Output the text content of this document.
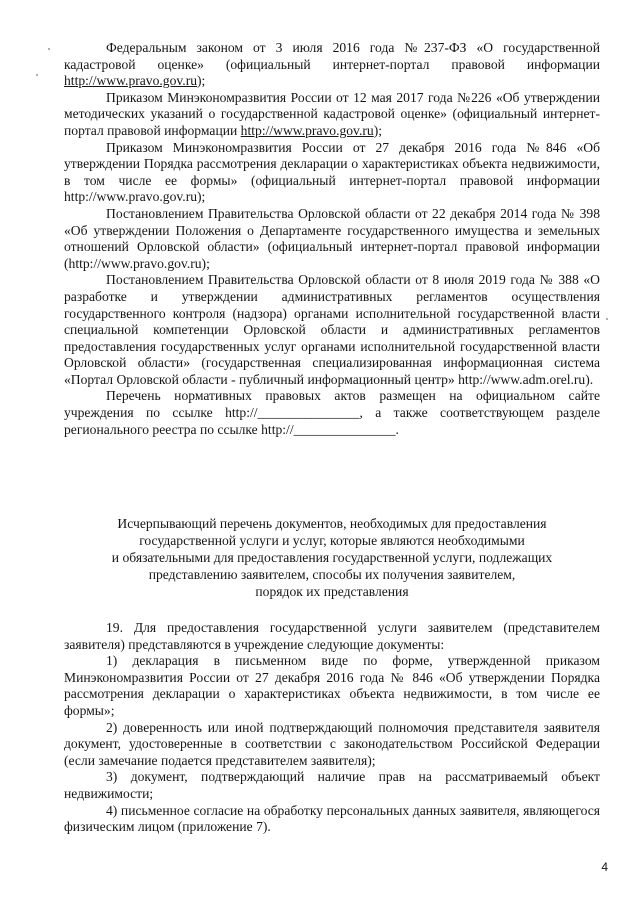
Федеральным законом от 3 июля 2016 года №237-ФЗ «О государственной кадастровой оценке» (официальный интернет-портал правовой информации http://www.pravo.gov.ru);

Приказом Минэкономразвития России от 12 мая 2017 года №226 «Об утверждении методических указаний о государственной кадастровой оценке» (официальный интернет-портал правовой информации http://www.pravo.gov.ru);

Приказом Минэкономразвития России от 27 декабря 2016 года №846 «Об утверждении Порядка рассмотрения декларации о характеристиках объекта недвижимости, в том числе ее формы» (официальный интернет-портал правовой информации http://www.pravo.gov.ru);

Постановлением Правительства Орловской области от 22 декабря 2014 года № 398 «Об утверждении Положения о Департаменте государственного имущества и земельных отношений Орловской области» (официальный интернет-портал правовой информации (http://www.pravo.gov.ru);

Постановлением Правительства Орловской области от 8 июля 2019 года № 388 «О разработке и утверждении административных регламентов осуществления государственного контроля (надзора) органами исполнительной государственной власти специальной компетенции Орловской области и административных регламентов предоставления государственных услуг органами исполнительной государственной власти Орловской области» (государственная специализированная информационная система «Портал Орловской области - публичный информационный центр» http://www.adm.orel.ru).

Перечень нормативных правовых актов размещен на официальном сайте учреждения по ссылке http://_______________, а также соответствующем разделе регионального реестра по ссылке http://_______________.

Исчерпывающий перечень документов, необходимых для предоставления
государственной услуги и услуг, которые являются необходимыми
и обязательными для предоставления государственной услуги, подлежащих
представлению заявителем, способы их получения заявителем,
порядок их представления

19. Для предоставления государственной услуги заявителем (представителем заявителя) представляются в учреждение следующие документы:

1) декларация в письменном виде по форме, утвержденной приказом Минэкономразвития России от 27 декабря 2016 года № 846 «Об утверждении Порядка рассмотрения декларации о характеристиках объекта недвижимости, в том числе ее формы»;

2) доверенность или иной подтверждающий полномочия представителя заявителя документ, удостоверенные в соответствии с законодательством Российской Федерации (если замечание подается представителем заявителя);

3) документ, подтверждающий наличие прав на рассматриваемый объект недвижимости;

4) письменное согласие на обработку персональных данных заявителя, являющегося физическим лицом (приложение 7).

4
